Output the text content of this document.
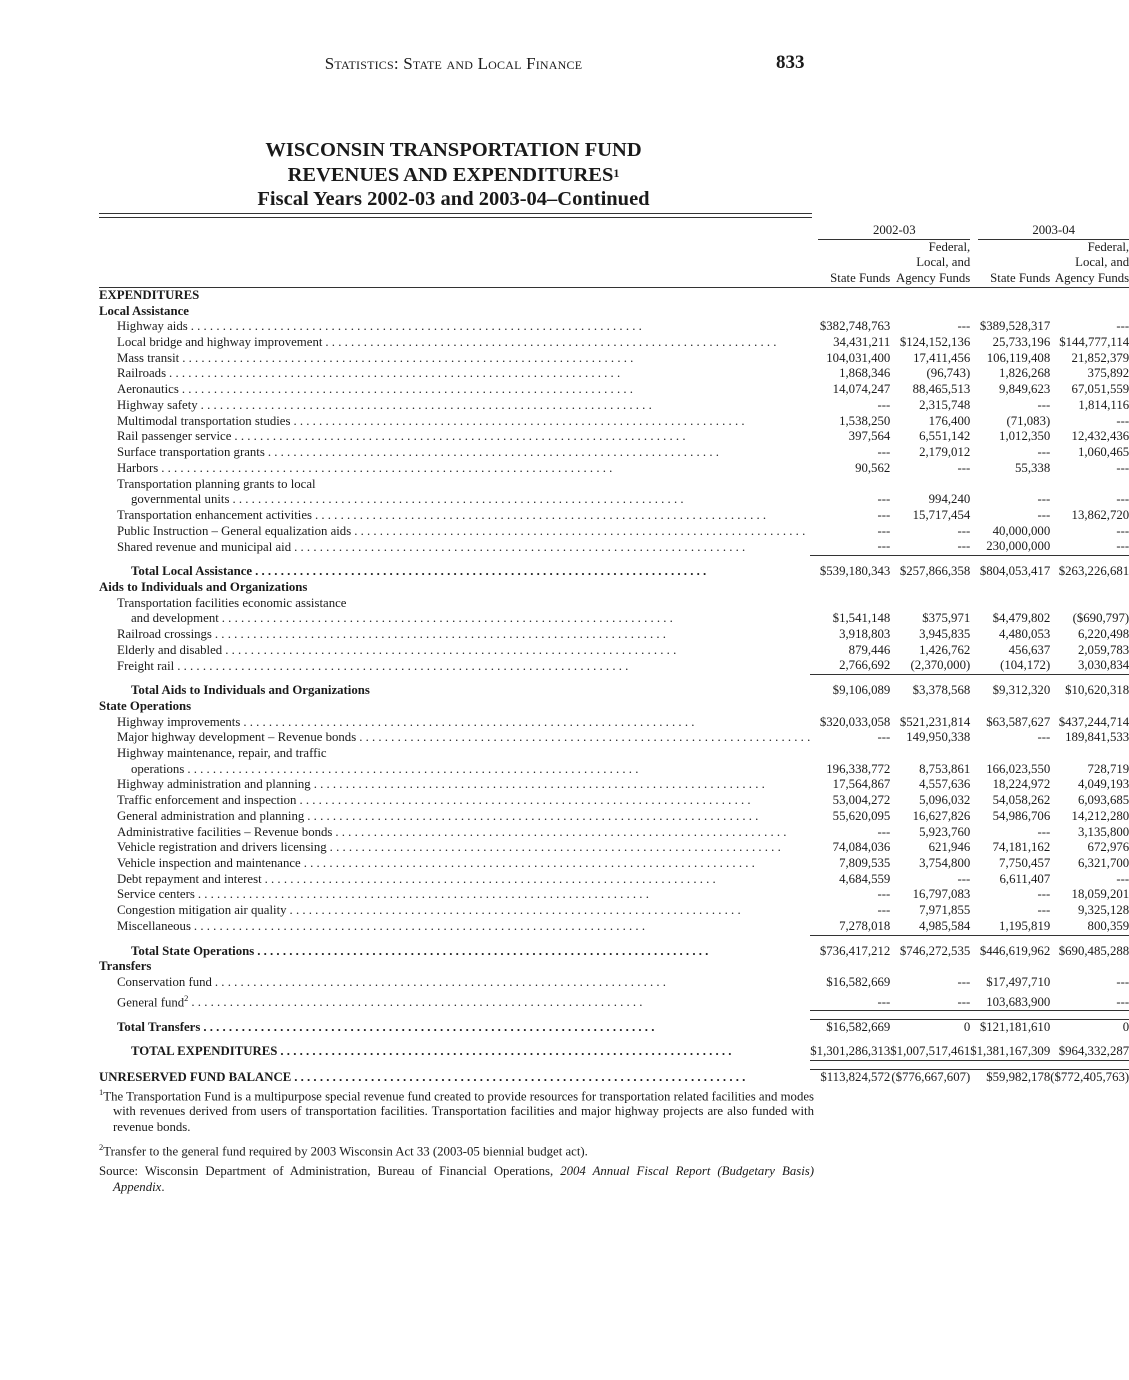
Statistics: State and Local Finance	833
WISCONSIN TRANSPORTATION FUND
REVENUES AND EXPENDITURES$^1$
Fiscal Years 2002-03 and 2003-04–Continued

	2002-03		2003-04	

		Federal,		Federal,
		Local, and		Local, and
	State Funds	Agency Funds	State Funds	Agency Funds
EXPENDITURES				
Local Assistance				

Highway aids
. . .	$382,748,763	---	$389,528,317	---

Local bridge and highway improvement
. . .	34,431,211	$124,152,136	25,733,196	$144,777,114

Mass transit
. . .	104,031,400	17,411,456	106,119,408	21,852,379

Railroads
. . .	1,868,346	(96,743)	1,826,268	375,892

Aeronautics
. . .	14,074,247	88,465,513	9,849,623	67,051,559

Highway safety
. . .	---	2,315,748	---	1,814,116

Multimodal transportation studies
. . .	1,538,250	176,400	(71,083)	---

Rail passenger service
. . .	397,564	6,551,142	1,012,350	12,432,436

Surface transportation grants
. . .	---	2,179,012	---	1,060,465

Harbors
. . .	90,562	---	55,338	---
Transportation planning grants to local				

governmental units
. . .	---	994,240	---	---

Transportation enhancement activities
. . .	---	15,717,454	---	13,862,720

Public Instruction – General equalization aids
. . .	---	---	40,000,000	---

Shared revenue and municipal aid
. . .	---	---	230,000,000	---

Total Local Assistance
. . .	$539,180,343	$257,866,358	$804,053,417	$263,226,681
Aids to Individuals and Organizations				
Transportation facilities economic assistance				

and development
. . .	$1,541,148	$375,971	$4,479,802	($690,797)

Railroad crossings
. . .	3,918,803	3,945,835	4,480,053	6,220,498

Elderly and disabled
. . .	879,446	1,426,762	456,637	2,059,783

Freight rail
. . .	2,766,692	(2,370,000)	(104,172)	3,030,834

Total Aids to Individuals and Organizations	$9,106,089	$3,378,568	$9,312,320	$10,620,318
State Operations				

Highway improvements
. . .	$320,033,058	$521,231,814	$63,587,627	$437,244,714

Major highway development – Revenue bonds
. . .	---	149,950,338	---	189,841,533
Highway maintenance, repair, and traffic				

operations
. . .	196,338,772	8,753,861	166,023,550	728,719

Highway administration and planning
. . .	17,564,867	4,557,636	18,224,972	4,049,193

Traffic enforcement and inspection
. . .	53,004,272	5,096,032	54,058,262	6,093,685

General administration and planning
. . .	55,620,095	16,627,826	54,986,706	14,212,280

Administrative facilities – Revenue bonds
. . .	---	5,923,760	---	3,135,800

Vehicle registration and drivers licensing
. . .	74,084,036	621,946	74,181,162	672,976

Vehicle inspection and maintenance
. . .	7,809,535	3,754,800	7,750,457	6,321,700

Debt repayment and interest
. . .	4,684,559	---	6,611,407	---

Service centers
. . .	---	16,797,083	---	18,059,201

Congestion mitigation air quality
. . .	---	7,971,855	---	9,325,128

Miscellaneous
. . .	7,278,018	4,985,584	1,195,819	800,359

Total State Operations
. . .	$736,417,212	$746,272,535	$446,619,962	$690,485,288
Transfers				

Conservation fund
. . .	$16,582,669	---	$17,497,710	---

General fund$^2$
. . .	---	---	103,683,900	---

Total Transfers
. . .	$16,582,669	0	$121,181,610	0

TOTAL EXPENDITURES
. . .	$1,301,286,313	$1,007,517,461	$1,381,167,309	$964,332,287

UNRESERVED FUND BALANCE
. . .	$113,824,572	($776,667,607)	$59,982,178	($772,405,763)

$^1$The Transportation Fund is a multipurpose special revenue fund created to provide resources for transportation related facilities and modes with revenues derived from users of transportation facilities. Transportation facilities and major highway projects are also funded with revenue bonds.

$^2$Transfer to the general fund required by 2003 Wisconsin Act 33 (2003-05 biennial budget act).

Source: Wisconsin Department of Administration, Bureau of Financial Operations, 2004 Annual Fiscal Report (Budgetary Basis) Appendix.
